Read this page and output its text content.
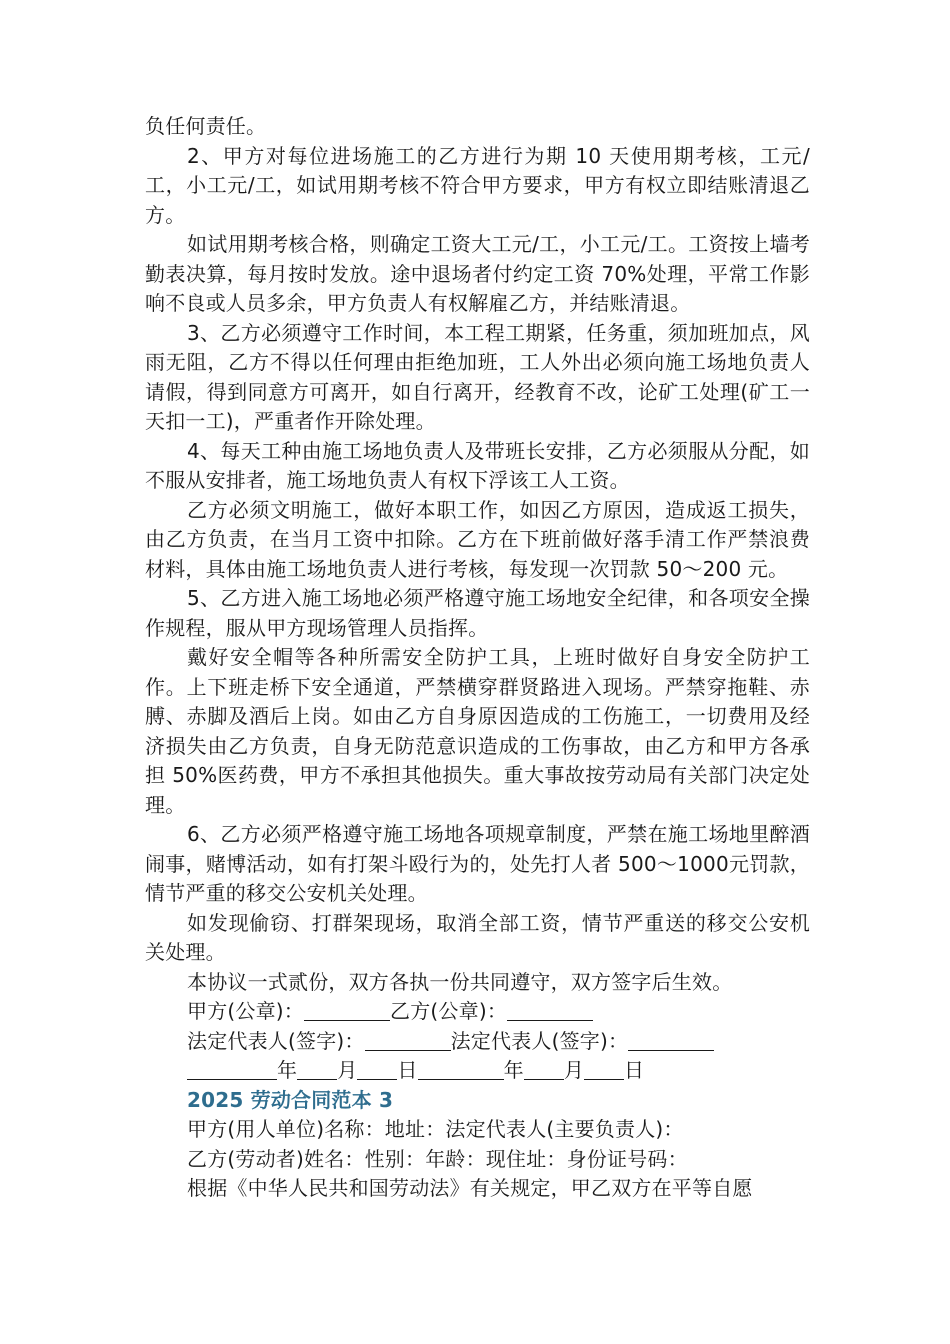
负任何责任。

2、甲方对每位进场施工的乙方进行为期 10 天使用期考核，工元/工，小工元/工，如试用期考核不符合甲方要求，甲方有权立即结账清退乙方。

如试用期考核合格，则确定工资大工元/工，小工元/工。工资按上墙考勤表决算，每月按时发放。途中退场者付约定工资 70%处理，平常工作影响不良或人员多余，甲方负责人有权解雇乙方，并结账清退。

3、乙方必须遵守工作时间，本工程工期紧，任务重，须加班加点，风雨无阻，乙方不得以任何理由拒绝加班，工人外出必须向施工场地负责人请假，得到同意方可离开，如自行离开，经教育不改，论矿工处理(矿工一天扣一工)，严重者作开除处理。

4、每天工种由施工场地负责人及带班长安排，乙方必须服从分配，如不服从安排者，施工场地负责人有权下浮该工人工资。

乙方必须文明施工，做好本职工作，如因乙方原因，造成返工损失，由乙方负责，在当月工资中扣除。乙方在下班前做好落手清工作严禁浪费材料，具体由施工场地负责人进行考核，每发现一次罚款 50～200 元。

5、乙方进入施工场地必须严格遵守施工场地安全纪律，和各项安全操作规程，服从甲方现场管理人员指挥。

戴好安全帽等各种所需安全防护工具，上班时做好自身安全防护工作。上下班走桥下安全通道，严禁横穿群贤路进入现场。严禁穿拖鞋、赤膊、赤脚及酒后上岗。如由乙方自身原因造成的工伤施工，一切费用及经济损失由乙方负责，自身无防范意识造成的工伤事故，由乙方和甲方各承担 50%医药费，甲方不承担其他损失。重大事故按劳动局有关部门决定处理。

6、乙方必须严格遵守施工场地各项规章制度，严禁在施工场地里醉酒闹事，赌博活动，如有打架斗殴行为的，处先打人者 500～1000元罚款，情节严重的移交公安机关处理。

如发现偷窃、打群架现场，取消全部工资，情节严重送的移交公安机关处理。

本协议一式贰份，双方各执一份共同遵守，双方签字后生效。

甲方(公章)：	乙方(公章)：
法定代表人(签字)：	法定代表人(签字)：
年 月 日	年 月 日
2025 劳动合同范本 3
甲方(用人单位)名称：地址：法定代表人(主要负责人)：
乙方(劳动者)姓名：性别：年龄：现住址：身份证号码：
根据《中华人民共和国劳动法》有关规定，甲乙双方在平等自愿
